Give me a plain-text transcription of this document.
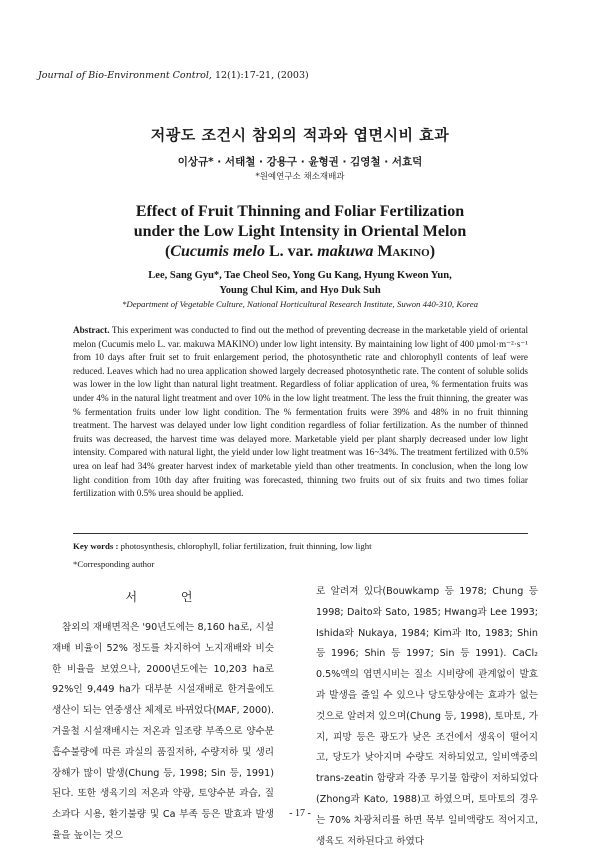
Journal of Bio-Environment Control, 12(1):17-21, (2003)
저광도 조건시 참외의 적과와 엽면시비 효과
이상규* · 서태철 · 강용구 · 윤형권 · 김영철 · 서효덕
*원예연구소 채소재배과
Effect of Fruit Thinning and Foliar Fertilization
under the Low Light Intensity in Oriental Melon
(Cucumis melo L. var. makuwa Makino)
Lee, Sang Gyu*, Tae Cheol Seo, Yong Gu Kang, Hyung Kweon Yun,
Young Chul Kim, and Hyo Duk Suh
*Department of Vegetable Culture, National Horticultural Research Institute, Suwon 440-310, Korea
Abstract. This experiment was conducted to find out the method of preventing decrease in the marketable yield of oriental melon (Cucumis melo L. var. makuwa MAKINO) under low light intensity. By maintaining low light of 400 µmol·m⁻²·s⁻¹ from 10 days after fruit set to fruit enlargement period, the photosynthetic rate and chlorophyll contents of leaf were reduced. Leaves which had no urea application showed largely decreased photosynthetic rate. The content of soluble solids was lower in the low light than natural light treatment. Regardless of foliar application of urea, % fermentation fruits was under 4% in the natural light treatment and over 10% in the low light treatment. The less the fruit thinning, the greater was % fermentation fruits under low light condition. The % fermentation fruits were 39% and 48% in no fruit thinning treatment. The harvest was delayed under low light condition regardless of foliar fertilization. As the number of thinned fruits was decreased, the harvest time was delayed more. Marketable yield per plant sharply decreased under low light intensity. Compared with natural light, the yield under low light treatment was 16~34%. The treatment fertilized with 0.5% urea on leaf had 34% greater harvest index of marketable yield than other treatments. In conclusion, when the long low light condition from 10th day after fruiting was forecasted, thinning two fruits out of six fruits and two times foliar fertilization with 0.5% urea should be applied.
Key words : photosynthesis, chlorophyll, foliar fertilization, fruit thinning, low light
*Corresponding author
서 언
참외의 재배면적은 '90년도에는 8,160 ha로, 시설재배 비율이 52% 정도를 차지하여 노지재배와 비슷한 비율을 보였으나, 2000년도에는 10,203 ha로 92%인 9,449 ha가 대부분 시설재배로 한겨울에도 생산이 되는 연중생산 체제로 바뀌었다(MAF, 2000). 겨울철 시설재배시는 저온과 일조량 부족으로 양수분 흡수불량에 따른 과실의 품질저하, 수량저하 및 생리장해가 많이 발생(Chung 등, 1998; Sin 등, 1991)된다. 또한 생육기의 저온과 약광, 토양수분 과습, 질소과다 시용, 환기불량 및 Ca 부족 등은 발효과 발생율을 높이는 것으
로 알려져 있다(Bouwkamp 등 1978; Chung 등 1998; Daito와 Sato, 1985; Hwang과 Lee 1993; Ishida와 Nukaya, 1984; Kim과 Ito, 1983; Shin 등 1996; Shin 등 1997; Sin 등 1991). CaCl₂ 0.5%액의 엽면시비는 질소 시비량에 관계없이 발효과 발생을 줄일 수 있으나 당도향상에는 효과가 없는 것으로 알려져 있으며(Chung 등, 1998), 토마토, 가지, 피망 등은 광도가 낮은 조건에서 생육이 떨어지고, 당도가 낮아지며 수량도 저하되었고, 일비액중의 trans-zeatin 함량과 각종 무기물 함량이 저하되었다(Zhong과 Kato, 1988)고 하였으며, 토마토의 경우는 70% 차광처리를 하면 목부 일비액량도 적어지고, 생육도 저하된다고 하였다
- 17 -
